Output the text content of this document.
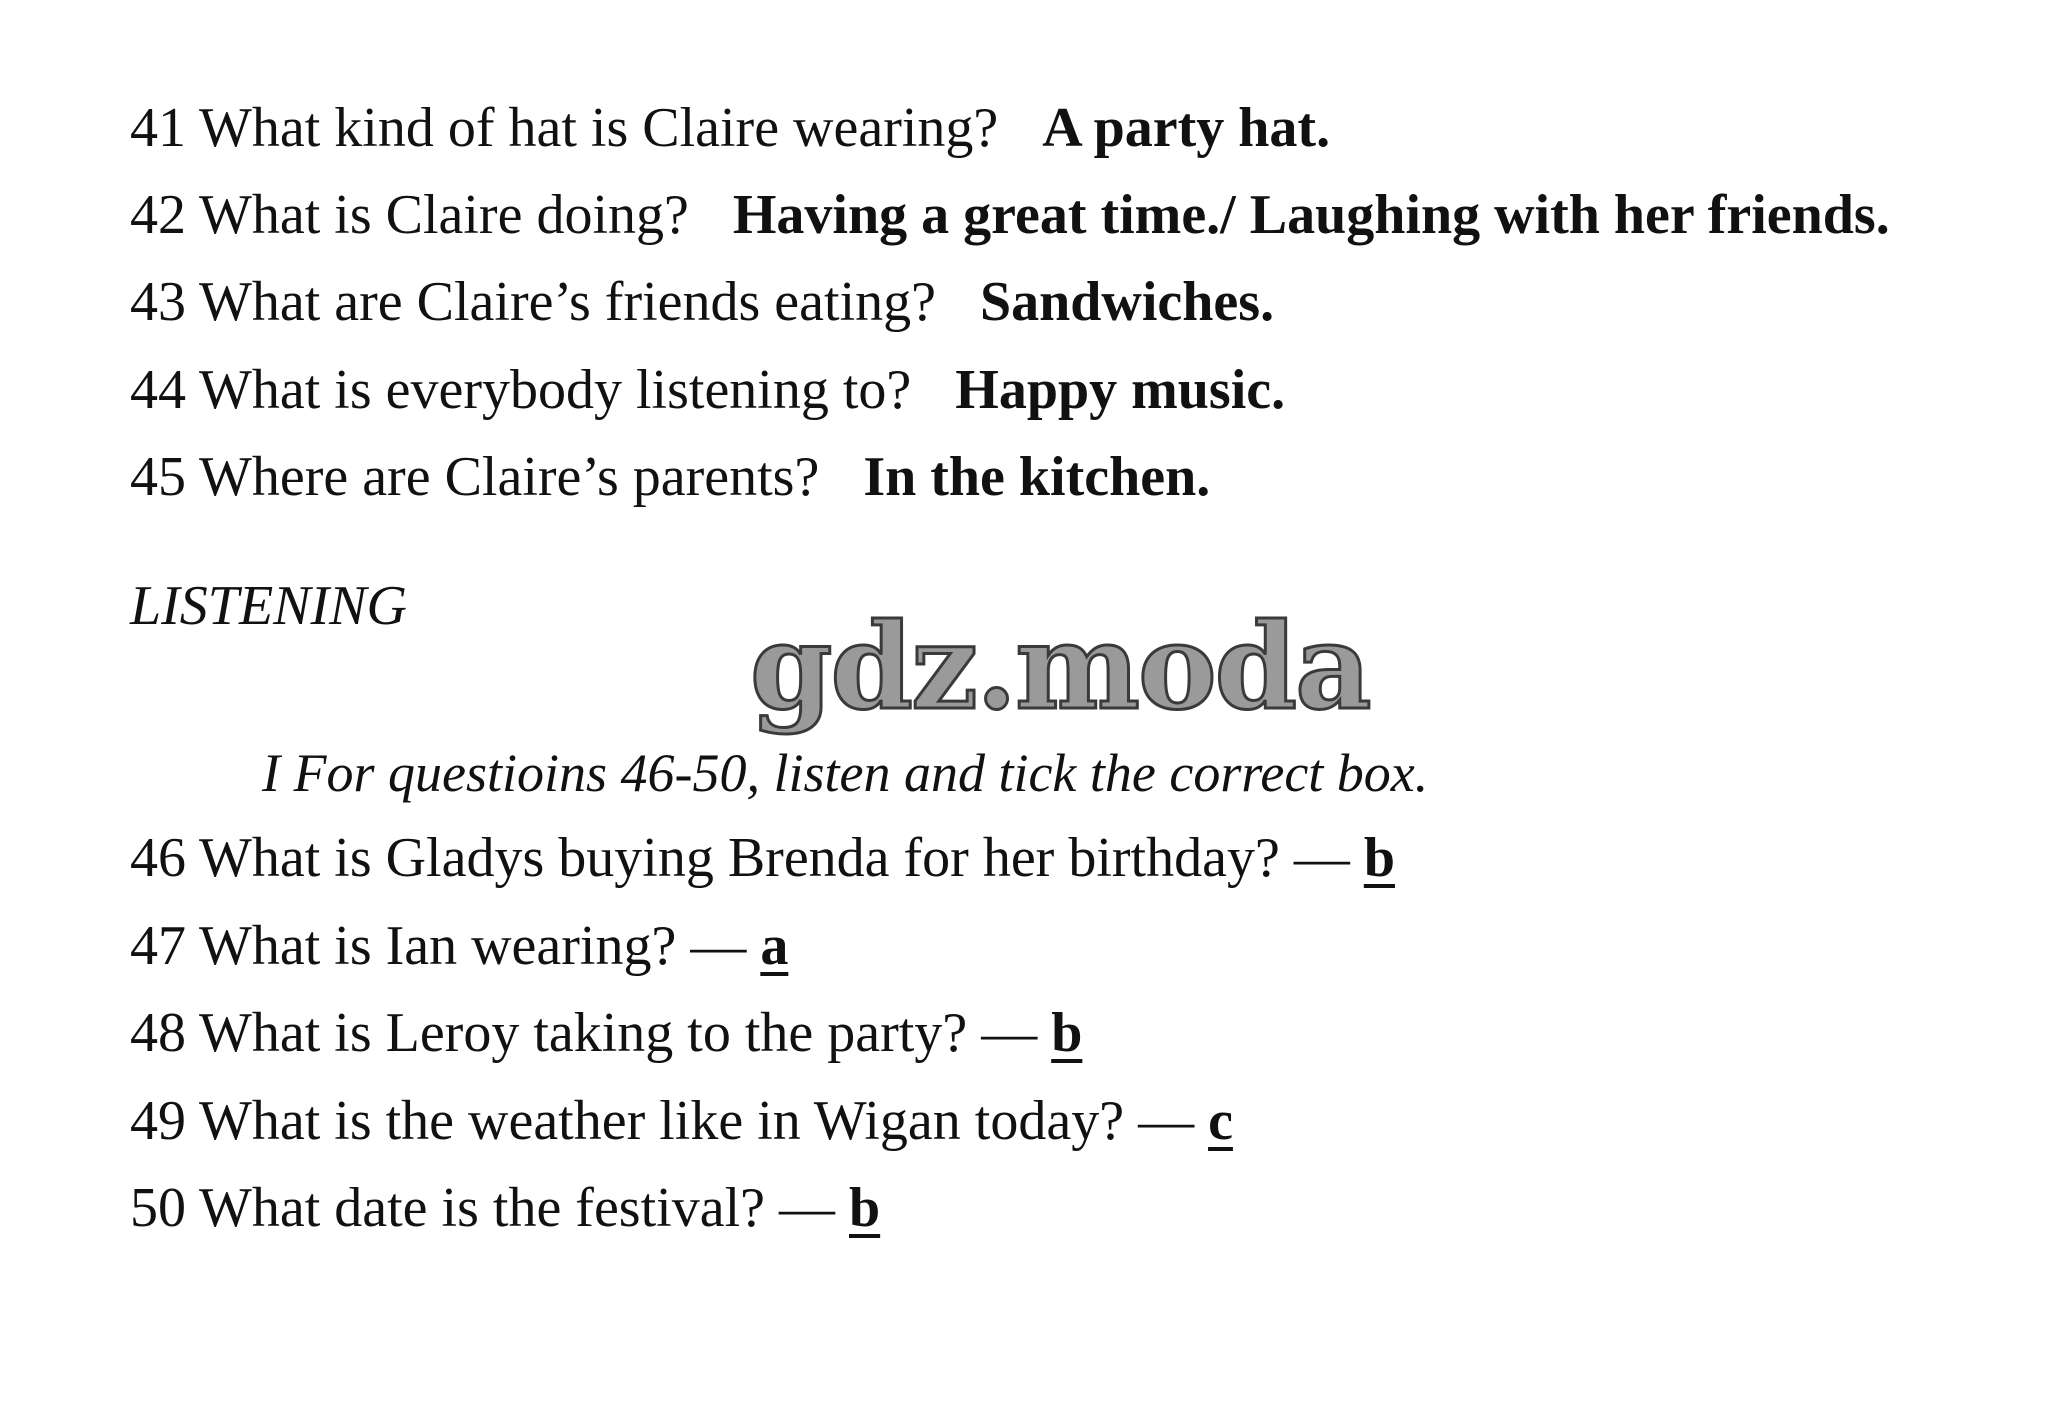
41 What kind of hat is Claire wearing? A party hat.
42 What is Claire doing? Having a great time./ Laughing with her friends.
43 What are Claire’s friends eating? Sandwiches.
44 What is everybody listening to? Happy music.
45 Where are Claire’s parents? In the kitchen.
LISTENING	gdz.moda
I For questioins 46-50, listen and tick the correct box.
46 What is Gladys buying Brenda for her birthday? — b
47 What is Ian wearing? — a
48 What is Leroy taking to the party? — b
49 What is the weather like in Wigan today? — c
50 What date is the festival? — b
